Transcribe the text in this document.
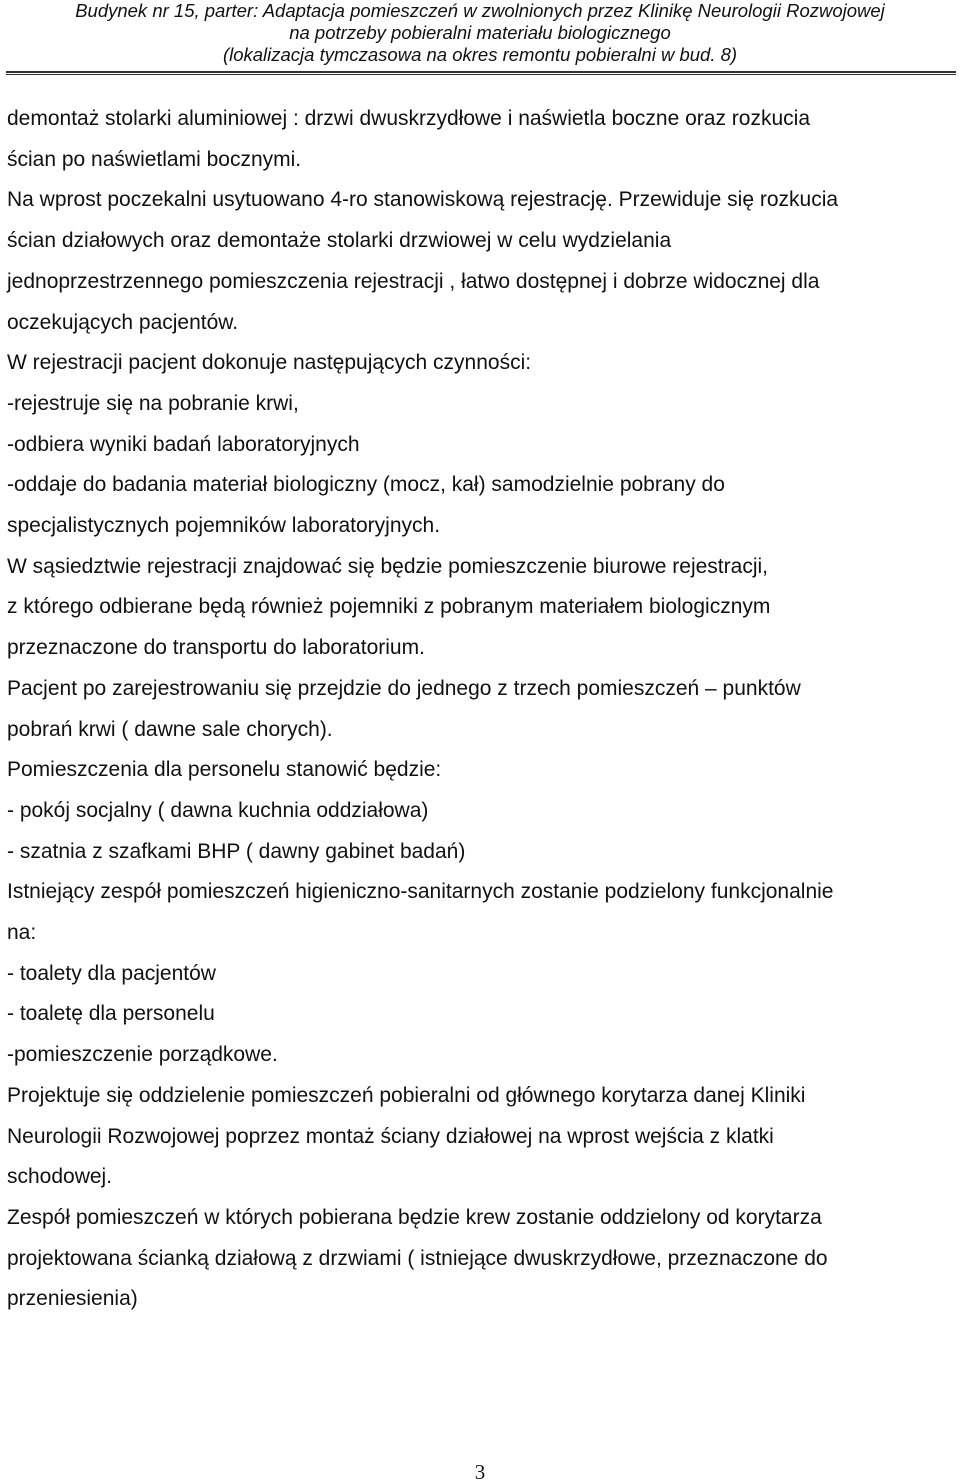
Budynek nr 15, parter: Adaptacja pomieszczeń w zwolnionych przez Klinikę Neurologii Rozwojowej
na potrzeby pobieralni materiału biologicznego
(lokalizacja tymczasowa na okres remontu pobieralni w bud. 8)
demontaż stolarki aluminiowej : drzwi dwuskrzydłowe i naświetla boczne oraz rozkucia
ścian po naświetlami bocznymi.
Na wprost poczekalni usytuowano 4-ro stanowiskową rejestrację. Przewiduje się rozkucia
ścian działowych oraz demontaże stolarki drzwiowej w celu wydzielania
jednoprzestrzennego pomieszczenia rejestracji , łatwo dostępnej i dobrze widocznej dla
oczekujących pacjentów.
W rejestracji pacjent dokonuje następujących czynności:
-rejestruje się na pobranie krwi,
-odbiera wyniki badań laboratoryjnych
-oddaje do badania materiał biologiczny (mocz, kał) samodzielnie pobrany do
specjalistycznych pojemników laboratoryjnych.
W sąsiedztwie rejestracji znajdować się będzie pomieszczenie biurowe rejestracji,
z którego odbierane będą również pojemniki z pobranym materiałem biologicznym
przeznaczone do transportu do laboratorium.
Pacjent po zarejestrowaniu się przejdzie do jednego z trzech pomieszczeń – punktów
pobrań krwi ( dawne sale chorych).
Pomieszczenia dla personelu stanowić będzie:
- pokój socjalny ( dawna kuchnia oddziałowa)
- szatnia z szafkami BHP ( dawny gabinet badań)
Istniejący zespół pomieszczeń higieniczno-sanitarnych zostanie podzielony funkcjonalnie
na:
- toalety dla pacjentów
- toaletę dla personelu
-pomieszczenie porządkowe.
Projektuje się oddzielenie pomieszczeń pobieralni od głównego korytarza danej Kliniki
Neurologii Rozwojowej poprzez montaż ściany działowej na wprost wejścia z klatki
schodowej.
Zespół pomieszczeń w których pobierana będzie krew zostanie oddzielony od korytarza
projektowana ścianką działową z drzwiami ( istniejące dwuskrzydłowe, przeznaczone do
przeniesienia)
3
